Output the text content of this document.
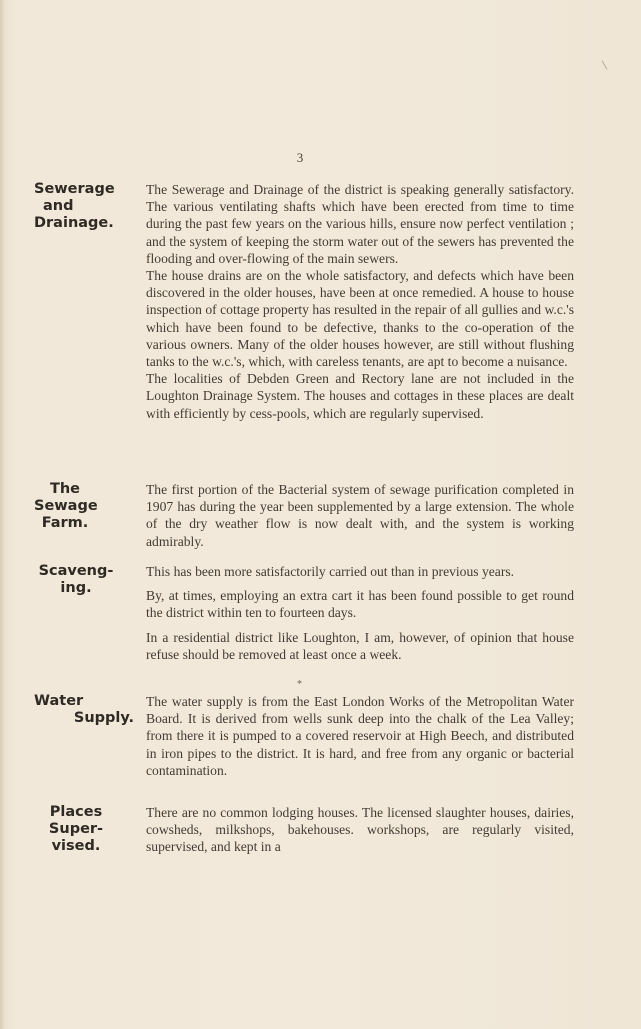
3
Sewerage
and
Drainage.

The Sewerage and Drainage of the district is speaking generally satisfactory. The various ventilating shafts which have been erected from time to time during the past few years on the various hills, ensure now perfect ventilation ; and the system of keeping the storm water out of the sewers has prevented the flooding and over-flowing of the main sewers.

The house drains are on the whole satisfactory, and defects which have been discovered in the older houses, have been at once remedied. A house to house inspection of cottage property has resulted in the repair of all gullies and w.c.'s which have been found to be defective, thanks to the co-operation of the various owners. Many of the older houses however, are still without flushing tanks to the w.c.'s, which, with careless tenants, are apt to become a nuisance.

The localities of Debden Green and Rectory lane are not included in the Loughton Drainage System. The houses and cottages in these places are dealt with efficiently by cess-pools, which are regularly supervised.

The
Sewage
Farm.

The first portion of the Bacterial system of sewage purification completed in 1907 has during the year been supplemented by a large extension. The whole of the dry weather flow is now dealt with, and the system is working admirably.

Scaveng-
ing.

This has been more satisfactorily carried out than in previous years.

By, at times, employing an extra cart it has been found possible to get round the district within ten to fourteen days.

In a residential district like Loughton, I am, however, of opinion that house refuse should be removed at least once a week.

*
Water
Supply.

The water supply is from the East London Works of the Metropolitan Water Board. It is derived from wells sunk deep into the chalk of the Lea Valley; from there it is pumped to a covered reservoir at High Beech, and distributed in iron pipes to the district. It is hard, and free from any organic or bacterial contamination.

Places
Super-
vised.

There are no common lodging houses. The licensed slaughter houses, dairies, cowsheds, milkshops, bakehouses. workshops, are regularly visited, supervised, and kept in a
